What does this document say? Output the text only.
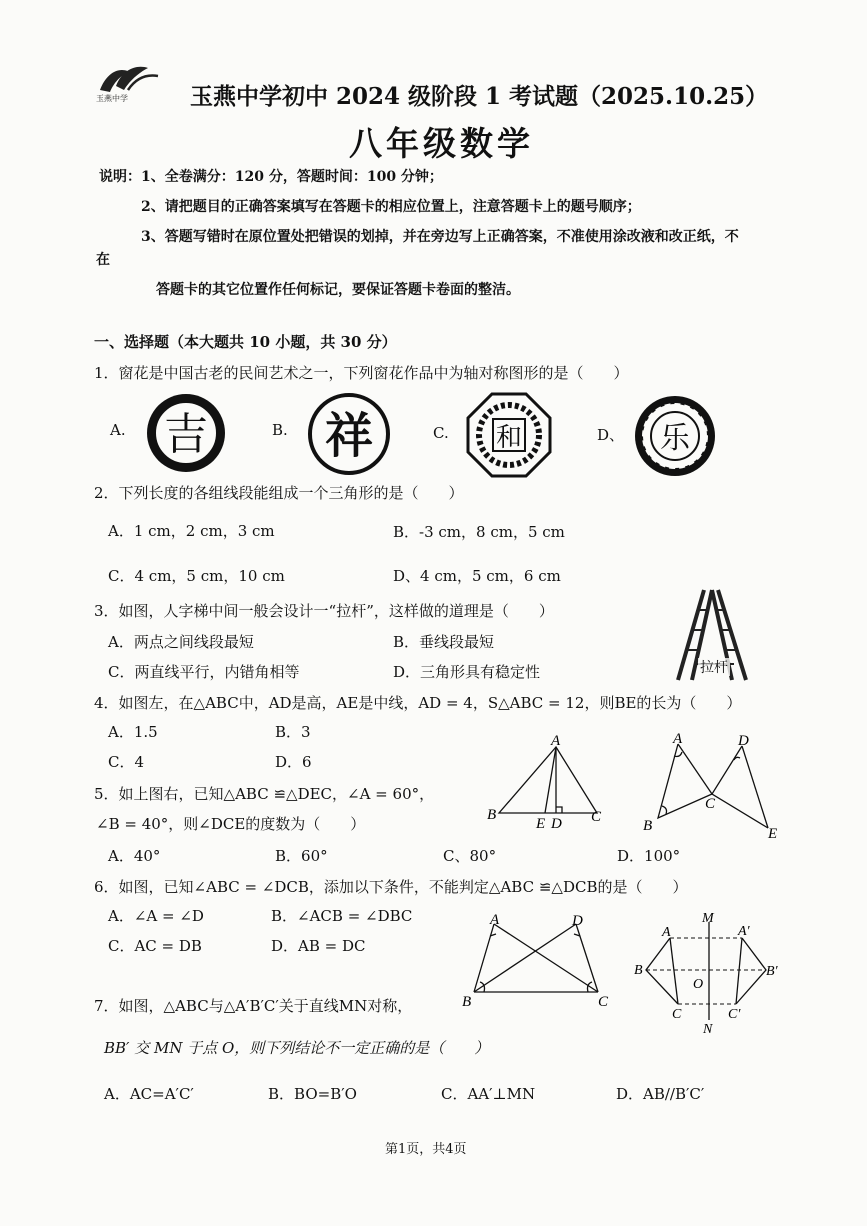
玉燕中学	玉燕中学初中 2024 级阶段 1 考试题（2025.10.25）
八年级数学
说明： 1、全卷满分：120 分，答题时间：100 分钟；
2、请把题目的正确答案填写在答题卡的相应位置上，注意答题卡上的题号顺序；
3、答题写错时在原位置处把错误的划掉，并在旁边写上正确答案，不准使用涂改液和改正纸，不
在
答题卡的其它位置作任何标记，要保证答题卡卷面的整洁。
一、选择题（本大题共 10 小题，共 30 分）
1．窗花是中国古老的民间艺术之一，下列窗花作品中为轴对称图形的是（　　）
A. 吉	B. 祥	C. 和	D、 乐
2．下列长度的各组线段能组成一个三角形的是（　　）
A．1 cm，2 cm，3 cm	B．-3 cm，8 cm，5 cm
C．4 cm，5 cm，10 cm	D、4 cm，5 cm，6 cm
3．如图，人字梯中间一般会设计一“拉杆”，这样做的道理是（　　）
A．两点之间线段最短	B．垂线段最短
C．两直线平行，内错角相等	D．三角形具有稳定性	拉杆
4．如图左，在△ABC中，AD是高，AE是中线，AD = 4，S△ABC = 12，则BE的长为（　　）
A．1.5	B．3
C．4	D．6
A
B	C
E D
A	D
C
B	E
5．如上图右，已知△ABC ≌△DEC，∠A = 60°，
∠B = 40°，则∠DCE的度数为（　　）
A．40°	B．60°	C、80°	D．100°
6．如图，已知∠ABC = ∠DCB，添加以下条件，不能判定△ABC ≌△DCB的是（　　）
A．∠A = ∠D	B．∠ACB = ∠DBC
C．AC = DB	D．AB = DC
A	D
B	C
M
A	A′
B	B′
O
C	C′
N
7．如图，△ABC与△A′B′C′关于直线MN对称，
BB′ 交 MN 于点 O，则下列结论不一定正确的是（　　）
A．AC=A′C′	B．BO=B′O	C．AA′⊥MN	D．AB//B′C′
第1页，共4页
